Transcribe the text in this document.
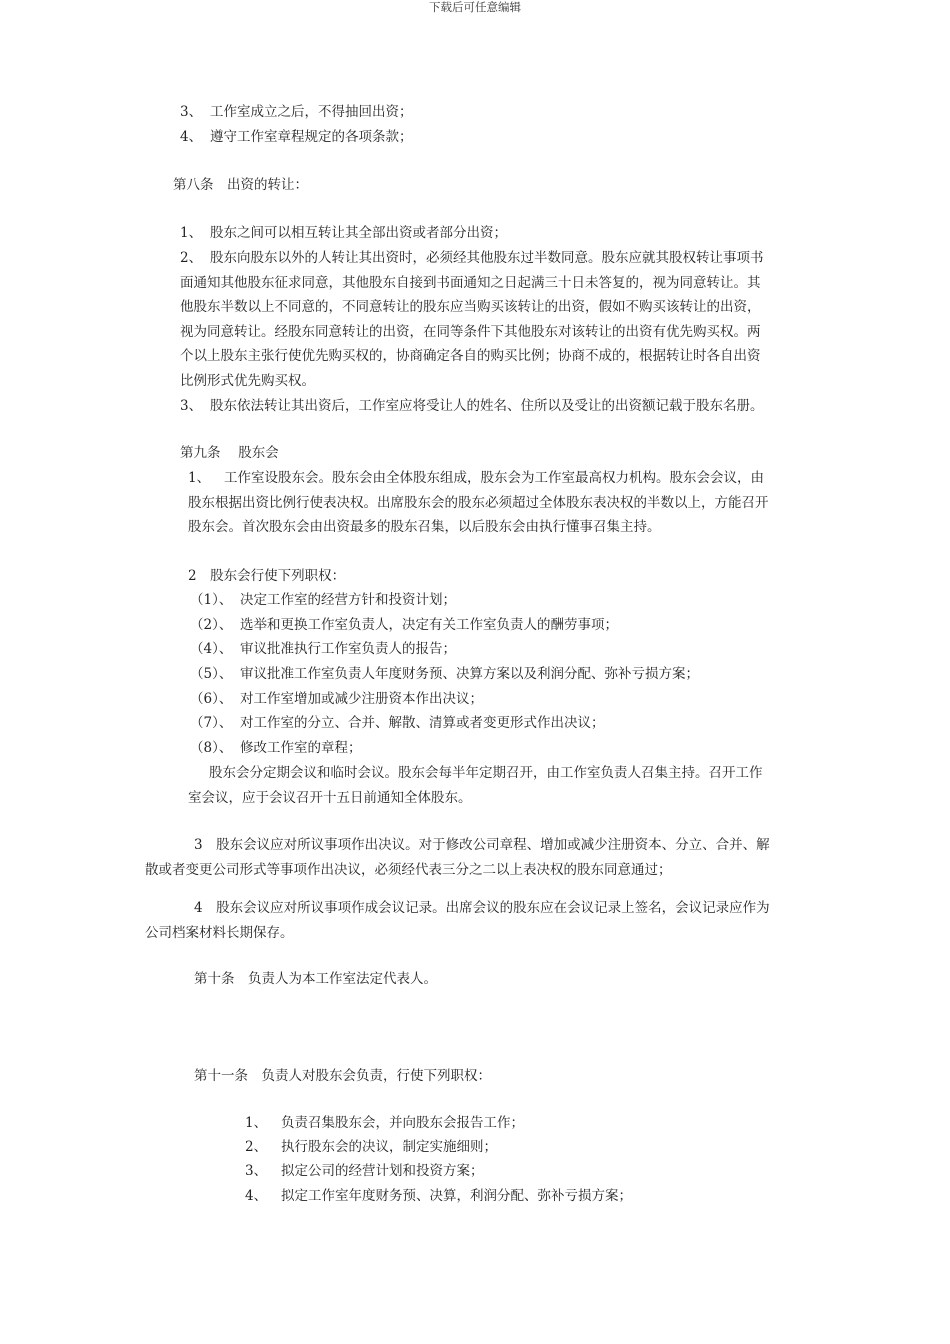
下载后可任意编辑
3、 工作室成立之后，不得抽回出资；
4、 遵守工作室章程规定的各项条款；
第八条　出资的转让：
1、 股东之间可以相互转让其全部出资或者部分出资；
2、 股东向股东以外的人转让其出资时，必须经其他股东过半数同意。股东应就其股权转让事项书
面通知其他股东征求同意，其他股东自接到书面通知之日起满三十日未答复的，视为同意转让。其
他股东半数以上不同意的，不同意转让的股东应当购买该转让的出资，假如不购买该转让的出资，
视为同意转让。经股东同意转让的出资，在同等条件下其他股东对该转让的出资有优先购买权。两
个以上股东主张行使优先购买权的，协商确定各自的购买比例；协商不成的，根据转让时各自出资
比例形式优先购买权。
3、 股东依法转让其出资后，工作室应将受让人的姓名、住所以及受让的出资额记载于股东名册。
第九条　 股东会
1、 工作室设股东会。股东会由全体股东组成，股东会为工作室最高权力机构。股东会会议，由
股东根据出资比例行使表决权。出席股东会的股东必须超过全体股东表决权的半数以上，方能召开
股东会。首次股东会由出资最多的股东召集，以后股东会由执行懂事召集主持。
2　股东会行使下列职权：
（1）、 决定工作室的经营方针和投资计划；
（2）、 选举和更换工作室负责人，决定有关工作室负责人的酬劳事项；
（4）、 审议批准执行工作室负责人的报告；
（5）、 审议批准工作室负责人年度财务预、决算方案以及利润分配、弥补亏损方案；
（6）、 对工作室增加或减少注册资本作出决议；
（7）、 对工作室的分立、合并、解散、清算或者变更形式作出决议；
（8）、 修改工作室的章程；
股东会分定期会议和临时会议。股东会每半年定期召开，由工作室负责人召集主持。召开工作
室会议，应于会议召开十五日前通知全体股东。
3　股东会议应对所议事项作出决议。对于修改公司章程、增加或减少注册资本、分立、合并、解
散或者变更公司形式等事项作出决议，必须经代表三分之二以上表决权的股东同意通过；
4　股东会议应对所议事项作成会议记录。出席会议的股东应在会议记录上签名，会议记录应作为
公司档案材料长期保存。
第十条　负责人为本工作室法定代表人。
第十一条　负责人对股东会负责，行使下列职权：
1、 负责召集股东会，并向股东会报告工作；
2、 执行股东会的决议，制定实施细则；
3、 拟定公司的经营计划和投资方案；
4、 拟定工作室年度财务预、决算，利润分配、弥补亏损方案；
